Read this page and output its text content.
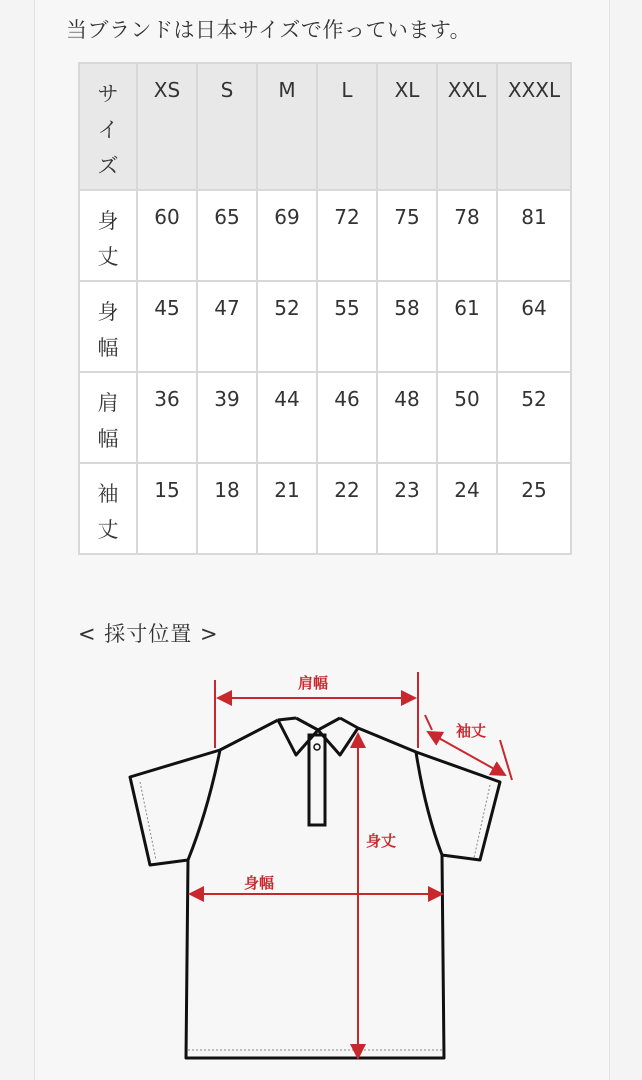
当ブランドは日本サイズで作っています。
サイズ	XS	S	M	L	XL	XXL	XXXL

身丈	60	65	69	72	75	78	81

身幅	45	47	52	55	58	61	64

肩幅	36	39	44	46	48	50	52

袖丈	15	18	21	22	23	24	25
< 採寸位置 >
肩幅
袖丈
身丈
身幅
